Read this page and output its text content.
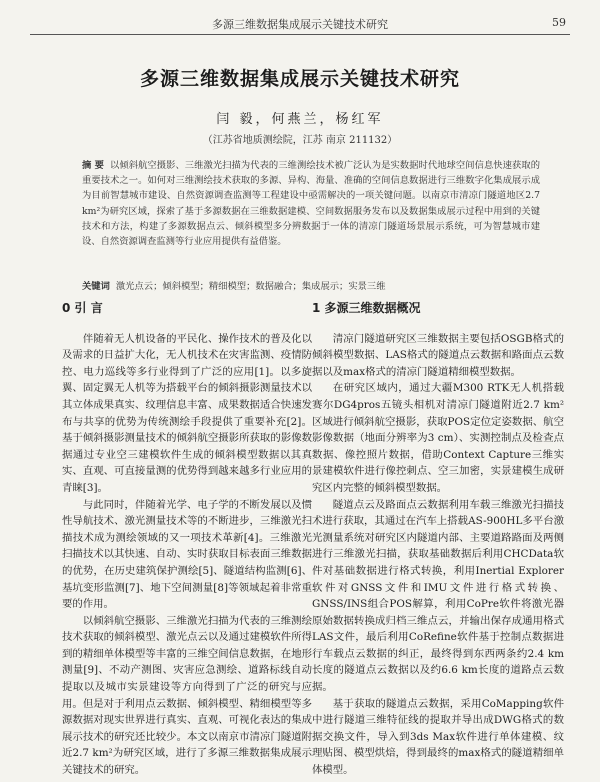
多源三维数据集成展示关键技术研究	59
多源三维数据集成展示关键技术研究
闫 毅，何燕兰，杨红军
（江苏省地质测绘院，江苏 南京 211132）
摘 要 以倾斜航空摄影、三维激光扫描为代表的三维测绘技术被广泛认为是实数据时代地球空间信息快速获取的重要技术之一。如何对三维测绘技术获取的多源、异构、海量、准确的空间信息数据进行三维数字化集成展示成为目前智慧城市建设、自然资源调查监测等工程建设中亟需解决的一项关键问题。以南京市清凉门隧道地区2.7 km²为研究区域，探索了基于多源数据在三维数据建模、空间数据服务发布以及数据集成展示过程中用到的关键技术和方法，构建了多源数据点云、倾斜模型多分辨数据于一体的清凉门隧道场景展示系统，可为智慧城市建设、自然资源调查监测等行业应用提供有益借鉴。
关键词 激光点云；倾斜模型；精细模型；数据融合；集成展示；实景三维
0 引 言

伴随着无人机设备的平民化、操作技术的普及化以及需求的日益扩大化，无人机技术在灾害监测、疫情防控、电力巡线等多行业得到了广泛的应用[1]。以多旋翼、固定翼无人机等为搭载平台的倾斜摄影测量技术以其立体成果真实、纹理信息丰富、成果数据适合快速发布与共享的优势为传统测绘手段提供了重要补充[2]。基于倾斜摄影测量技术的倾斜航空摄影所获取的影像数据通过专业空三建模软件生成的倾斜模型数据以其真实、直观、可直接量测的优势得到越来越多行业应用的青睐[3]。

与此同时，伴随着光学、电子学的不断发展以及惯性导航技术、激光测量技术等的不断进步，三维激光扫描技术成为测绘领域的又一项技术革新[4]。三维激光扫描技术以其快速、自动、实时获取目标表面三维数据的优势，在历史建筑保护测绘[5]、隧道结构监测[6]、基坑变形监测[7]、地下空间测量[8]等领域起着非常重要的作用。

以倾斜航空摄影、三维激光扫描为代表的三维测绘技术获取的倾斜模型、激光点云以及通过建模软件所得到的精细单体模型等丰富的三维空间信息数据，在地形测量[9]、不动产测图、灾害应急测绘、道路标线自动提取以及城市实景建设等方向得到了广泛的研究与应用。但是对于利用点云数据、倾斜模型、精细模型等多源数据对现实世界进行真实、直观、可视化表达的集成展示技术的研究还比较少。本文以南京市清凉门隧道附近2.7 km²为研究区域，进行了多源三维数据集成展示关键技术的研究。

1 多源三维数据概况

清凉门隧道研究区三维数据主要包括OSGB格式的倾斜模型数据、LAS格式的隧道点云数据和路面点云数据以及max格式的清凉门隧道精细模型数据。

在研究区域内，通过大疆M300 RTK无人机搭载赛尔DG4pros五镜头相机对清凉门隧道附近2.7 km²区域进行倾斜航空摄影，获取POS定位定姿数据、航空影像数据（地面分辨率为3 cm）、实测控制点及检查点数据、像控照片数据，借助Context Capture三维实景建模软件进行像控刺点、空三加密，实景建模生成研究区内完整的倾斜模型数据。

隧道点云及路面点云数据利用车载三维激光扫描技术进行获取，其通过在汽车上搭载AS-900HL多平台激光测量系统对研究区内隧道内部、主要道路路面及两侧进行三维激光扫描，获取基础数据后利用CHCData软件对基础数据进行格式转换，利用Inertial Explorer软件对GNSS文件和IMU文件进行格式转换、GNSS/INS组合POS解算，利用CoPre软件将激光器原始数据转换成归档三维点云，并输出保存成通用格式LAS文件，最后利用CoRefine软件基于控制点数据进行车载点云数据的纠正，最终得到东西两条约2.4 km长度的隧道点云数据以及约6.6 km长度的道路点云数据。

基于获取的隧道点云数据，采用CoMapping软件中进行隧道三维特征线的提取并导出成DWG格式的数据交换文件，导入到3ds Max软件进行单体建模、纹理贴图、模型烘焙，得到最终的max格式的隧道精细单体模型。
